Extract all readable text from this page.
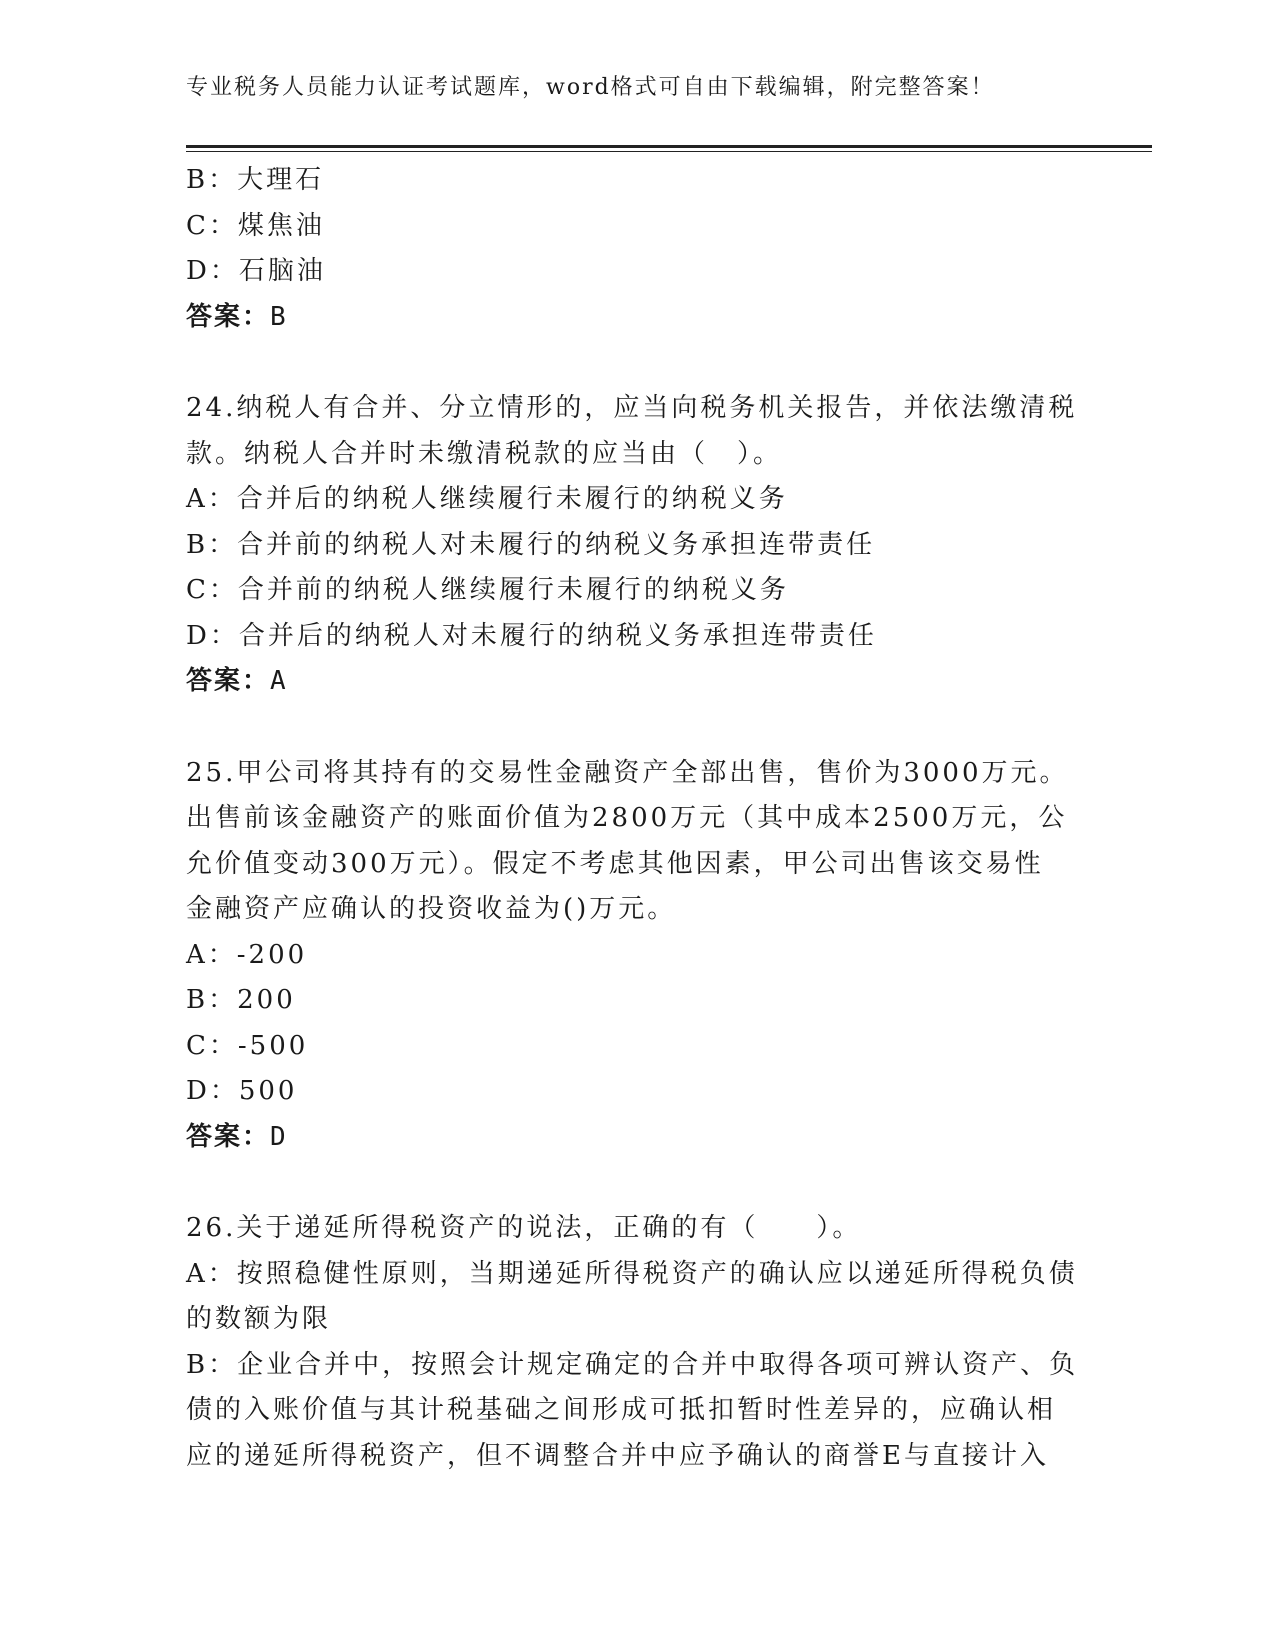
专业税务人员能力认证考试题库，word格式可自由下载编辑，附完整答案！
B：大理石
C：煤焦油
D：石脑油
答案：B
24.纳税人有合并、分立情形的，应当向税务机关报告，并依法缴清税
款。纳税人合并时未缴清税款的应当由（　）。
A：合并后的纳税人继续履行未履行的纳税义务
B：合并前的纳税人对未履行的纳税义务承担连带责任
C：合并前的纳税人继续履行未履行的纳税义务
D：合并后的纳税人对未履行的纳税义务承担连带责任
答案：A
25.甲公司将其持有的交易性金融资产全部出售，售价为3000万元。
出售前该金融资产的账面价值为2800万元（其中成本2500万元，公
允价值变动300万元）。假定不考虑其他因素，甲公司出售该交易性
金融资产应确认的投资收益为()万元。
A：-200
B：200
C：-500
D：500
答案：D
26.关于递延所得税资产的说法，正确的有（　　）。
A：按照稳健性原则，当期递延所得税资产的确认应以递延所得税负债
的数额为限
B：企业合并中，按照会计规定确定的合并中取得各项可辨认资产、负
债的入账价值与其计税基础之间形成可抵扣暂时性差异的，应确认相
应的递延所得税资产，但不调整合并中应予确认的商誉E与直接计入
